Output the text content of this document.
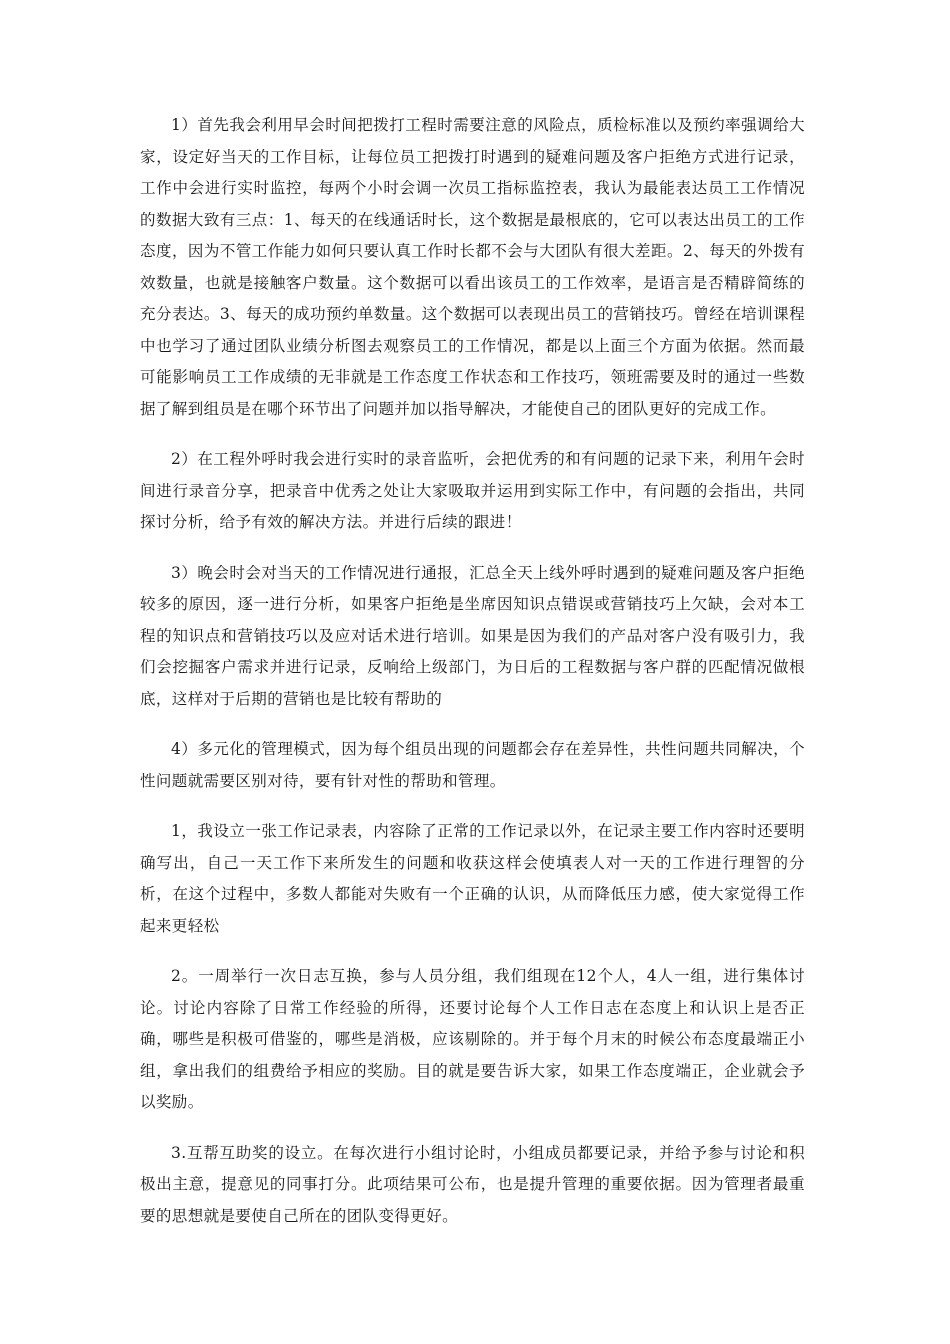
1）首先我会利用早会时间把拨打工程时需要注意的风险点，质检标准以及预约率强调给大家，设定好当天的工作目标，让每位员工把拨打时遇到的疑难问题及客户拒绝方式进行记录，工作中会进行实时监控，每两个小时会调一次员工指标监控表，我认为最能表达员工工作情况的数据大致有三点：1、每天的在线通话时长，这个数据是最根底的，它可以表达出员工的工作态度，因为不管工作能力如何只要认真工作时长都不会与大团队有很大差距。2、每天的外拨有效数量，也就是接触客户数量。这个数据可以看出该员工的工作效率，是语言是否精辟简练的充分表达。3、每天的成功预约单数量。这个数据可以表现出员工的营销技巧。曾经在培训课程中也学习了通过团队业绩分析图去观察员工的工作情况，都是以上面三个方面为依据。然而最可能影响员工工作成绩的无非就是工作态度工作状态和工作技巧，领班需要及时的通过一些数据了解到组员是在哪个环节出了问题并加以指导解决，才能使自己的团队更好的完成工作。

2）在工程外呼时我会进行实时的录音监听，会把优秀的和有问题的记录下来，利用午会时间进行录音分享，把录音中优秀之处让大家吸取并运用到实际工作中，有问题的会指出，共同探讨分析，给予有效的解决方法。并进行后续的跟进！

3）晚会时会对当天的工作情况进行通报，汇总全天上线外呼时遇到的疑难问题及客户拒绝较多的原因，逐一进行分析，如果客户拒绝是坐席因知识点错误或营销技巧上欠缺，会对本工程的知识点和营销技巧以及应对话术进行培训。如果是因为我们的产品对客户没有吸引力，我们会挖掘客户需求并进行记录，反响给上级部门，为日后的工程数据与客户群的匹配情况做根底，这样对于后期的营销也是比较有帮助的

4）多元化的管理模式，因为每个组员出现的问题都会存在差异性，共性问题共同解决，个性问题就需要区别对待，要有针对性的帮助和管理。

1，我设立一张工作记录表，内容除了正常的工作记录以外，在记录主要工作内容时还要明确写出，自己一天工作下来所发生的问题和收获这样会使填表人对一天的工作进行理智的分析，在这个过程中，多数人都能对失败有一个正确的认识，从而降低压力感，使大家觉得工作起来更轻松

2。一周举行一次日志互换，参与人员分组，我们组现在12个人，4人一组，进行集体讨论。讨论内容除了日常工作经验的所得，还要讨论每个人工作日志在态度上和认识上是否正确，哪些是积极可借鉴的，哪些是消极，应该剔除的。并于每个月末的时候公布态度最端正小组，拿出我们的组费给予相应的奖励。目的就是要告诉大家，如果工作态度端正，企业就会予以奖励。

3.互帮互助奖的设立。在每次进行小组讨论时，小组成员都要记录，并给予参与讨论和积极出主意，提意见的同事打分。此项结果可公布，也是提升管理的重要依据。因为管理者最重要的思想就是要使自己所在的团队变得更好。
